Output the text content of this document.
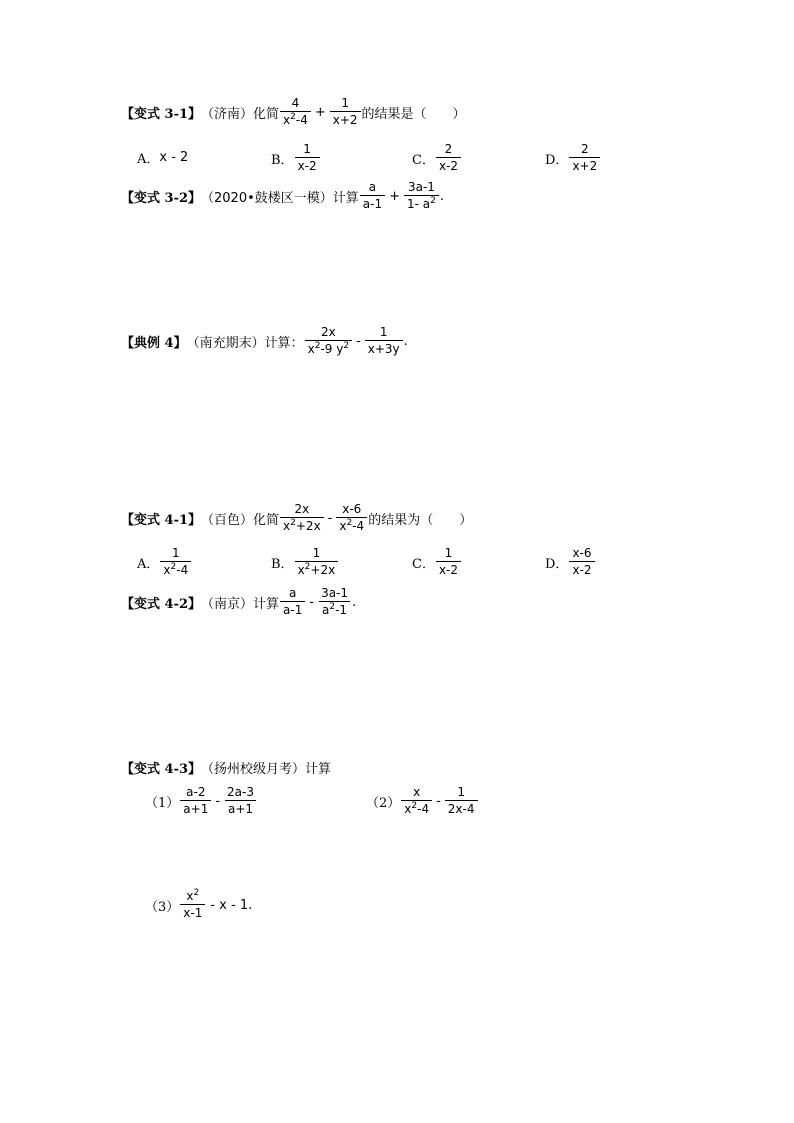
【变式 3-1】 （济南）化简 $\frac{4}{x^2-4} + \frac{1}{x+2}$ 的结果是（　　）
A． x - 2	B． $\frac{1}{x-2}$	C． $\frac{2}{x-2}$	D． $\frac{2}{x+2}$
【变式 3-2】 （2020•鼓楼区一模）计算 $\frac{a}{a-1} + \frac{3a-1}{1- a^2}$ .
【典例 4】 （南充期末）计算： $\frac{2x}{x^2-9 y^2} - \frac{1}{x+3y}$ .
【变式 4-1】 （百色）化简 $\frac{2x}{x^2+2x} - \frac{x-6}{x^2-4}$ 的结果为（　　）
A． $\frac{1}{x^2-4}$	B． $\frac{1}{x^2+2x}$	C． $\frac{1}{x-2}$	D． $\frac{x-6}{x-2}$
【变式 4-2】 （南京）计算 $\frac{a}{a-1} - \frac{3a-1}{a^2-1}$ .
【变式 4-3】 （扬州校级月考）计算
$(1) \frac{a-2}{a+1} - \frac{2a-3}{a+1}$	$(2) \frac{x}{x^2-4} - \frac{1}{2x-4}$
$(3) \frac{x^2}{x-1}$ - x - 1.
